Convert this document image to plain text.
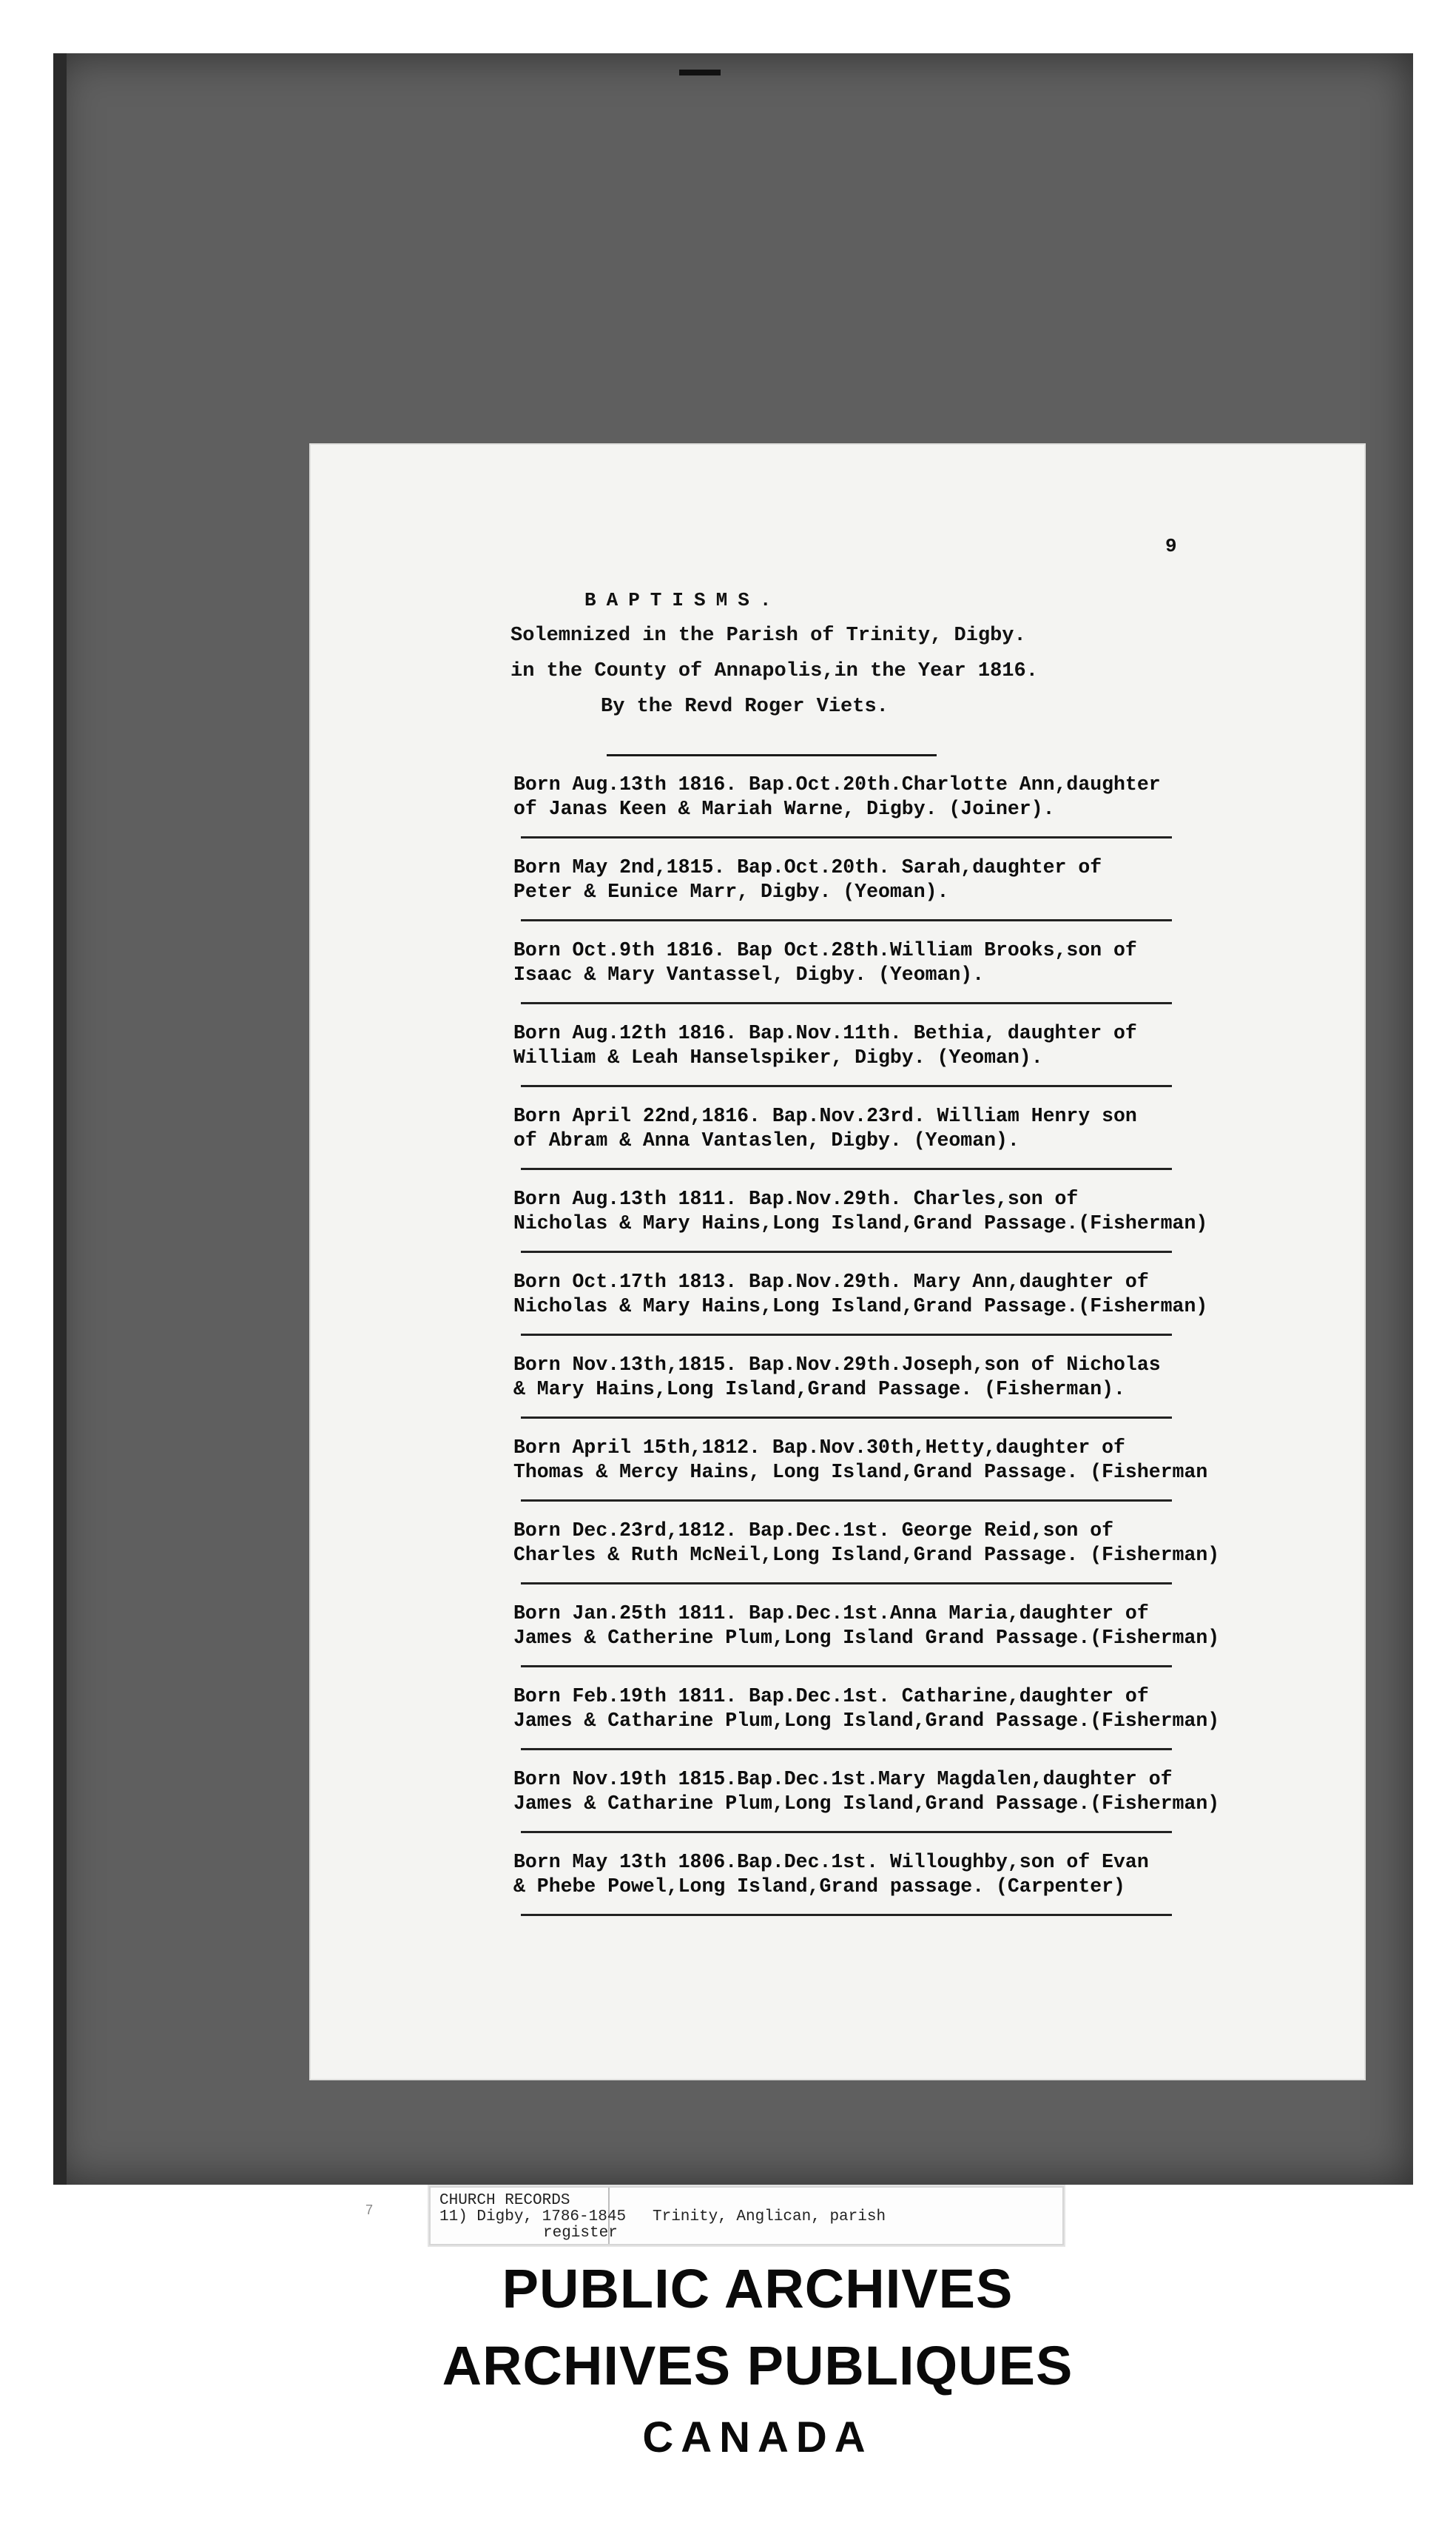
9
BAPTISMS.
Solemnized in the Parish of Trinity, Digby.
in the County of Annapolis,in the Year 1816.
By the Revd Roger Viets.
Born Aug.13th 1816. Bap.Oct.20th.Charlotte Ann,daughter
of Janas Keen & Mariah Warne, Digby. (Joiner).
Born May 2nd,1815. Bap.Oct.20th. Sarah,daughter of
Peter & Eunice Marr, Digby. (Yeoman).
Born Oct.9th 1816. Bap Oct.28th.William Brooks,son of
Isaac & Mary Vantassel, Digby. (Yeoman).
Born Aug.12th 1816. Bap.Nov.11th. Bethia, daughter of
William & Leah Hanselspiker, Digby. (Yeoman).
Born April 22nd,1816. Bap.Nov.23rd. William Henry son
of Abram & Anna Vantaslen, Digby. (Yeoman).
Born Aug.13th 1811. Bap.Nov.29th. Charles,son of
Nicholas & Mary Hains,Long Island,Grand Passage.(Fisherman)
Born Oct.17th 1813. Bap.Nov.29th. Mary Ann,daughter of
Nicholas & Mary Hains,Long Island,Grand Passage.(Fisherman)
Born Nov.13th,1815. Bap.Nov.29th.Joseph,son of Nicholas
& Mary Hains,Long Island,Grand Passage. (Fisherman).
Born April 15th,1812. Bap.Nov.30th,Hetty,daughter of
Thomas & Mercy Hains, Long Island,Grand Passage. (Fisherman
Born Dec.23rd,1812. Bap.Dec.1st. George Reid,son of
Charles & Ruth McNeil,Long Island,Grand Passage. (Fisherman)
Born Jan.25th 1811. Bap.Dec.1st.Anna Maria,daughter of
James & Catherine Plum,Long Island Grand Passage.(Fisherman)
Born Feb.19th 1811. Bap.Dec.1st. Catharine,daughter of
James & Catharine Plum,Long Island,Grand Passage.(Fisherman)
Born Nov.19th 1815.Bap.Dec.1st.Mary Magdalen,daughter of
James & Catharine Plum,Long Island,Grand Passage.(Fisherman)
Born May 13th 1806.Bap.Dec.1st. Willoughby,son of Evan
& Phebe Powel,Long Island,Grand passage. (Carpenter)
7
CHURCH RECORDS
11) Digby, 1786-1845 Trinity, Anglican, parish
register
PUBLIC ARCHIVES
ARCHIVES PUBLIQUES
CANADA
